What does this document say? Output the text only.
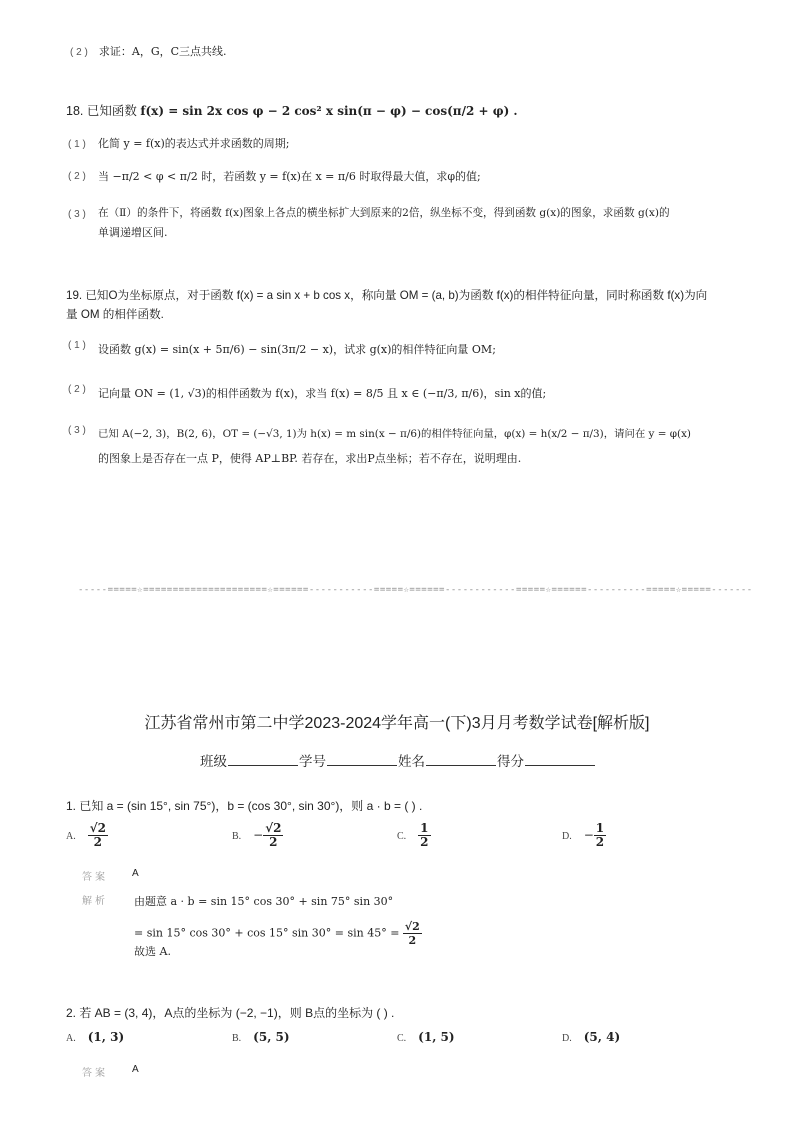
( 2 ) 求证：A，G，C三点共线.
18. 已知函数 f(x) = sin 2x cos φ − 2 cos² x sin(π − φ) − cos(π/2 + φ) .
( 1 ) 化简 y = f(x)的表达式并求函数的周期;
( 2 ) 当 −π/2 < φ < π/2 时，若函数 y = f(x)在 x = π/6 时取得最大值，求φ的值;
( 3 ) 在（Ⅱ）的条件下，将函数 f(x)图象上各点的横坐标扩大到原来的2倍，纵坐标不变，得到函数 g(x)的图象，求函数 g(x)的
单调递增区间.
19. 已知O为坐标原点，对于函数 f(x) = a sin x + b cos x，称向量 OM = (a, b)为函数 f(x)的相伴特征向量，同时称函数 f(x)为向
量 OM 的相伴函数.
( 1 ) 设函数 g(x) = sin(x + 5π/6) − sin(3π/2 − x)，试求 g(x)的相伴特征向量 OM;
( 2 ) 记向量 ON = (1, √3)的相伴函数为 f(x)，求当 f(x) = 8/5 且 x ∈ (−π/3, π/6)，sin x的值;
( 3 ) 已知 A(−2, 3)，B(2, 6)，OT = (−√3, 1)为 h(x) = m sin(x − π/6)的相伴特征向量，φ(x) = h(x/2 − π/3)，请问在 y = φ(x)
的图象上是否存在一点 P，使得 AP⊥BP. 若存在，求出P点坐标；若不存在，说明理由.
-----=====☆=====================☆======-----------=====☆======------------=====☆======----------=====☆=====-------
江苏省常州市第二中学2023-2024学年高一(下)3月月考数学试卷[解析版]
班级	学号	姓名	得分
1. 已知 a = (sin 15°, sin 75°)，b = (cos 30°, sin 30°)，则 a · b = ( ) .
A. $\frac{√2}{2}$	B. − $\frac{√2}{2}$	C. $\frac{1}{2}$	D. − $\frac{1}{2}$
答案 A
解析 由题意 a · b = sin 15° cos 30° + sin 75° sin 30°
= sin 15° cos 30° + cos 15° $\sin 30^\circ = \sin 45^\circ = \frac{√2}{2}$
故选 A.
2. 若 AB = (3, 4)，A点的坐标为 (−2, −1)，则 B点的坐标为 ( ) .
A. (1, 3)	B. (5, 5)	C. (1, 5)	D. (5, 4)
答案 A
